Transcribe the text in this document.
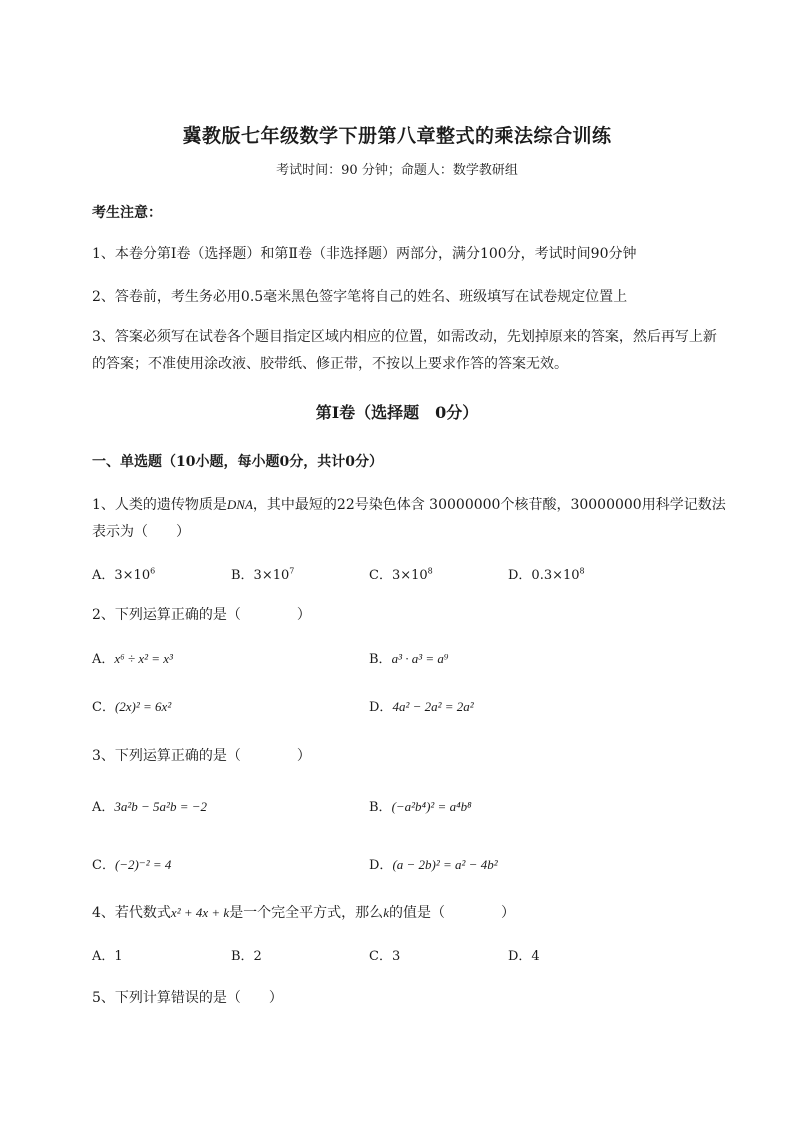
冀教版七年级数学下册第八章整式的乘法综合训练
考试时间：90 分钟；命题人：数学教研组
考生注意：
1、本卷分第Ⅰ卷（选择题）和第Ⅱ卷（非选择题）两部分，满分100分，考试时间90分钟
2、答卷前，考生务必用0.5毫米黑色签字笔将自己的姓名、班级填写在试卷规定位置上
3、答案必须写在试卷各个题目指定区域内相应的位置，如需改动，先划掉原来的答案，然后再写上新
的答案；不准使用涂改液、胶带纸、修正带，不按以上要求作答的答案无效。
第Ⅰ卷（选择题　0分）
一、单选题（10小题，每小题0分，共计0分）
1、人类的遗传物质是DNA，其中最短的22号染色体含 30000000个核苷酸，30000000用科学记数法
表示为（　　）
A．$3\times 10^6$	B．$3\times 10^7$	C．$3\times 10^8$	D．$0.3\times 10^8$
2、下列运算正确的是（　　　　）
A．x⁶ ÷ x² = x³	B．a³ · a³ = a⁹
C．(2x)² = 6x²	D．4a² − 2a² = 2a²
3、下列运算正确的是（　　　　）
A．3a²b − 5a²b = −2	B．(−a²b⁴)² = a⁴b⁸
C．(−2)⁻² = 4	D．(a − 2b)² = a² − 4b²
4、若代数式x² + 4x + k是一个完全平方式，那么k的值是（　　　　）
A．1	B．2	C．3	D．4
5、下列计算错误的是（　　）
